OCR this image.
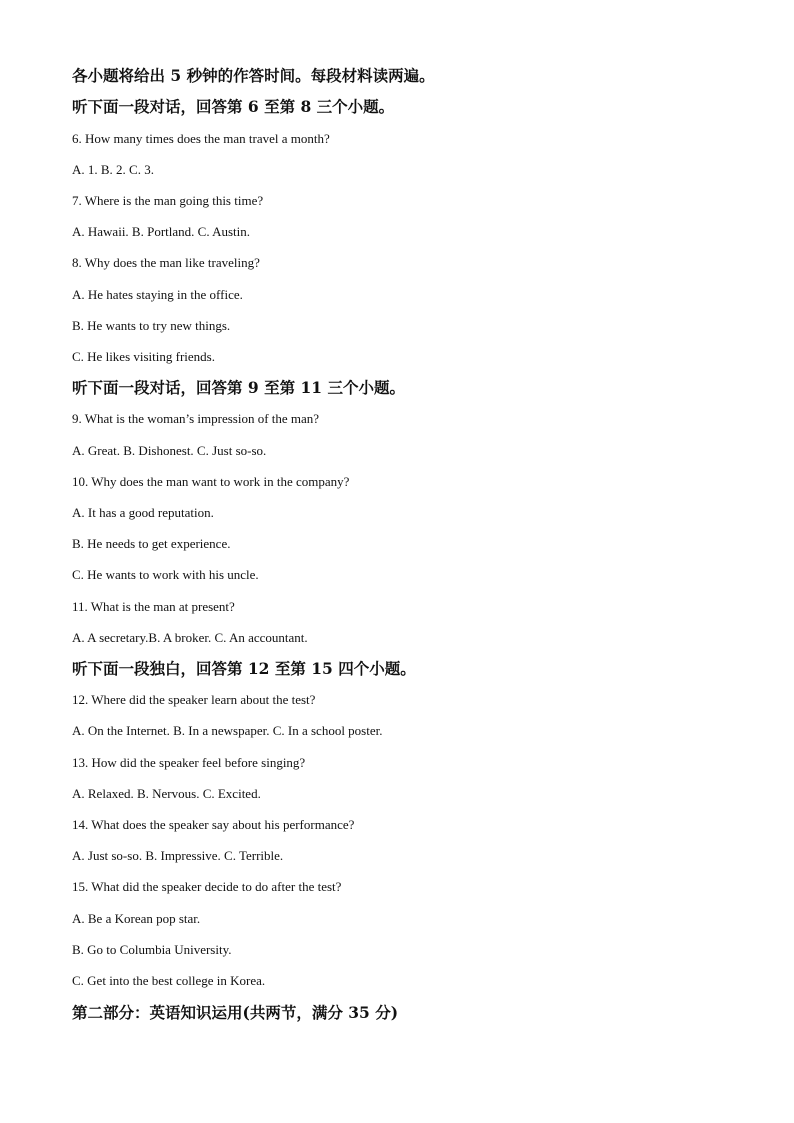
各小题将给出 5 秒钟的作答时间。每段材料读两遍。
听下面一段对话，回答第 6 至第 8 三个小题。
6. How many times does the man travel a month?
A. 1. B. 2. C. 3.
7. Where is the man going this time?
A. Hawaii. B. Portland. C. Austin.
8. Why does the man like traveling?
A. He hates staying in the office.
B. He wants to try new things.
C. He likes visiting friends.
听下面一段对话，回答第 9 至第 11 三个小题。
9. What is the woman’s impression of the man?
A. Great. B. Dishonest. C. Just so-so.
10. Why does the man want to work in the company?
A. It has a good reputation.
B. He needs to get experience.
C. He wants to work with his uncle.
11. What is the man at present?
A. A secretary.B. A broker. C. An accountant.
听下面一段独白，回答第 12 至第 15 四个小题。
12. Where did the speaker learn about the test?
A. On the Internet. B. In a newspaper. C. In a school poster.
13. How did the speaker feel before singing?
A. Relaxed. B. Nervous. C. Excited.
14. What does the speaker say about his performance?
A. Just so-so. B. Impressive. C. Terrible.
15. What did the speaker decide to do after the test?
A. Be a Korean pop star.
B. Go to Columbia University.
C. Get into the best college in Korea.
第二部分：英语知识运用(共两节，满分 35 分)
